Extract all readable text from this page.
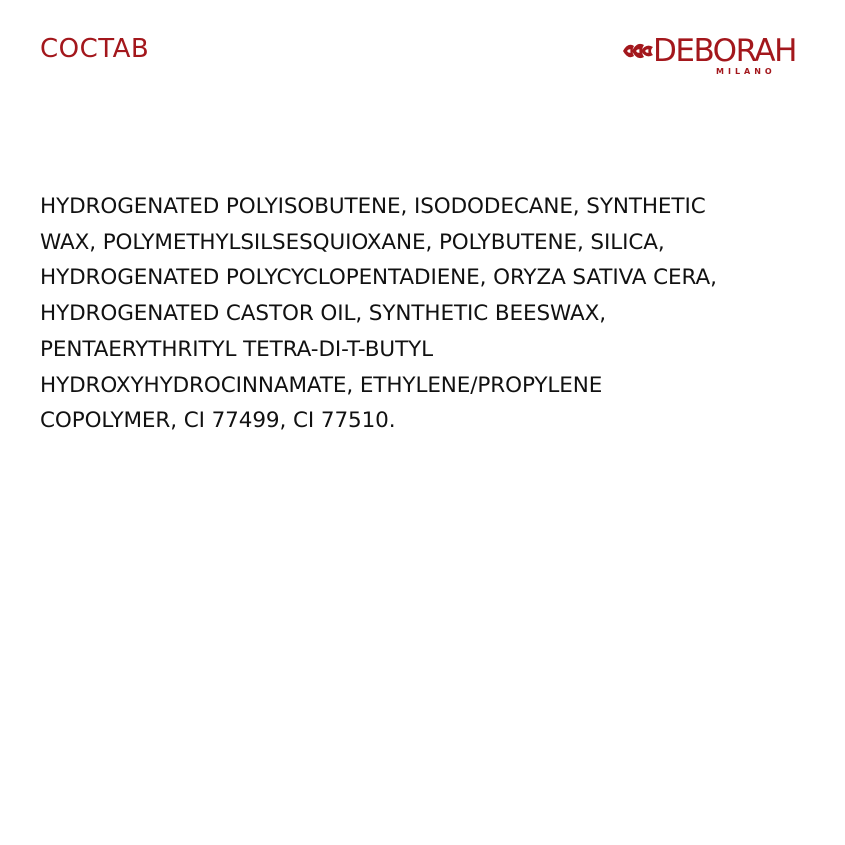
COCTAB	DEBORAH
MILANO
HYDROGENATED POLYISOBUTENE, ISODODECANE, SYNTHETIC
WAX, POLYMETHYLSILSESQUIOXANE, POLYBUTENE, SILICA,
HYDROGENATED POLYCYCLOPENTADIENE, ORYZA SATIVA CERA,
HYDROGENATED CASTOR OIL, SYNTHETIC BEESWAX,
PENTAERYTHRITYL TETRA-DI-T-BUTYL
HYDROXYHYDROCINNAMATE, ETHYLENE/PROPYLENE
COPOLYMER, CI 77499, CI 77510.
